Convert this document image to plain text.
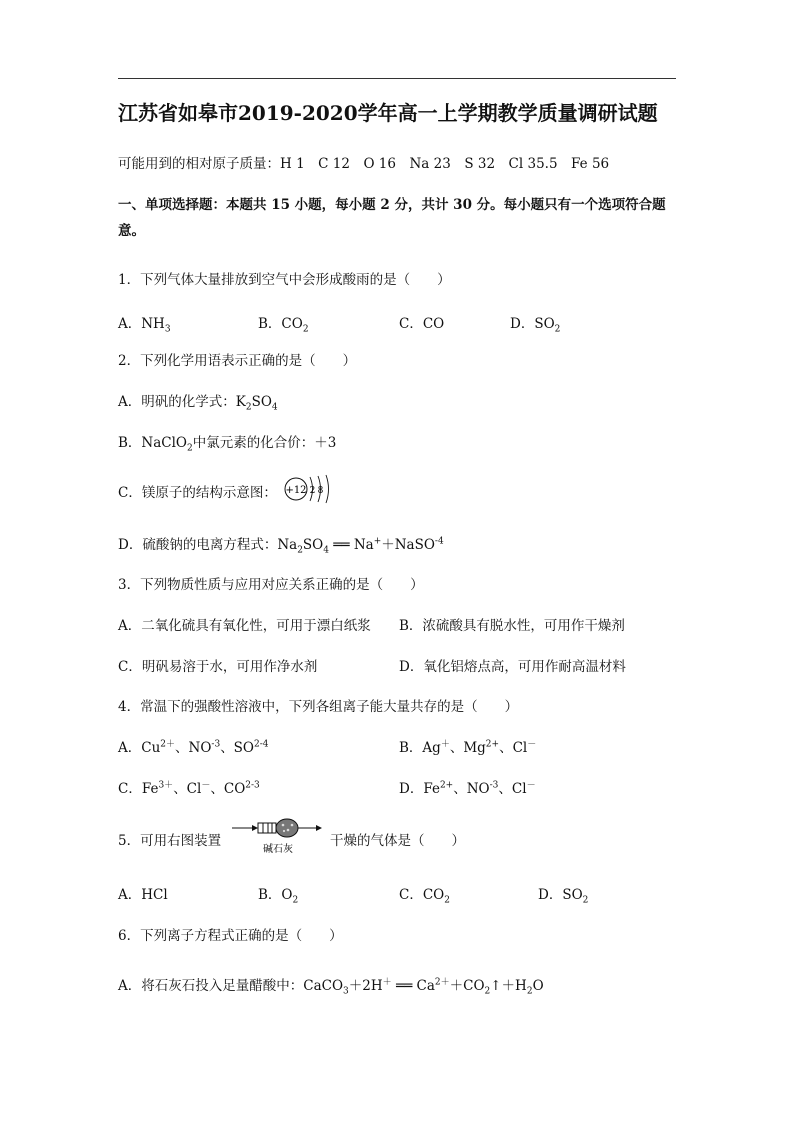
江苏省如皋市2019-2020学年高一上学期教学质量调研试题
可能用到的相对原子质量：H 1　C 12　O 16　Na 23　S 32　Cl 35.5　Fe 56
一、单项选择题：本题共 15 小题，每小题 2 分，共计 30 分。每小题只有一个选项符合题
意。
1．下列气体大量排放到空气中会形成酸雨的是（　　）
A．$NH_3$	B．$CO_2$	C．CO	D．$SO_2$
2．下列化学用语表示正确的是（　　）
A．明矾的化学式：$K_2SO_4$
B．NaClO$_2$中氯元素的化合价：＋3
C．镁原子的结构示意图： +12 2 8
D．硫酸钠的电离方程式：$Na_2SO_4$ ══ Na+＋NaSO$^{-4}$
3．下列物质性质与应用对应关系正确的是（　　）
A．二氧化硫具有氧化性，可用于漂白纸浆 B．浓硫酸具有脱水性，可用作干燥剂
C．明矾易溶于水，可用作净水剂	D．氧化铝熔点高，可用作耐高温材料
4．常温下的强酸性溶液中，下列各组离子能大量共存的是（　　）
A．$Cu^{2+}$、$NO^{-3}$、SO$^{2-4}$	B．Ag＋、$Mg^{2+}$、Cl－
C．$Fe^{3+}$、Cl－、CO$^{2-3}$	D．$Fe^{2+}$、$NO^{-3}$、Cl－
5．可用右图装置
碱石灰
干燥的气体是（　　）
A．HCl	B．$O_2$	C．$CO_2$	D．$SO_2$
6．下列离子方程式正确的是（　　）
A．将石灰石投入足量醋酸中：CaCO$_3$＋2H＋ ══ $Ca^{2+}+CO_2↑+H_2O$
